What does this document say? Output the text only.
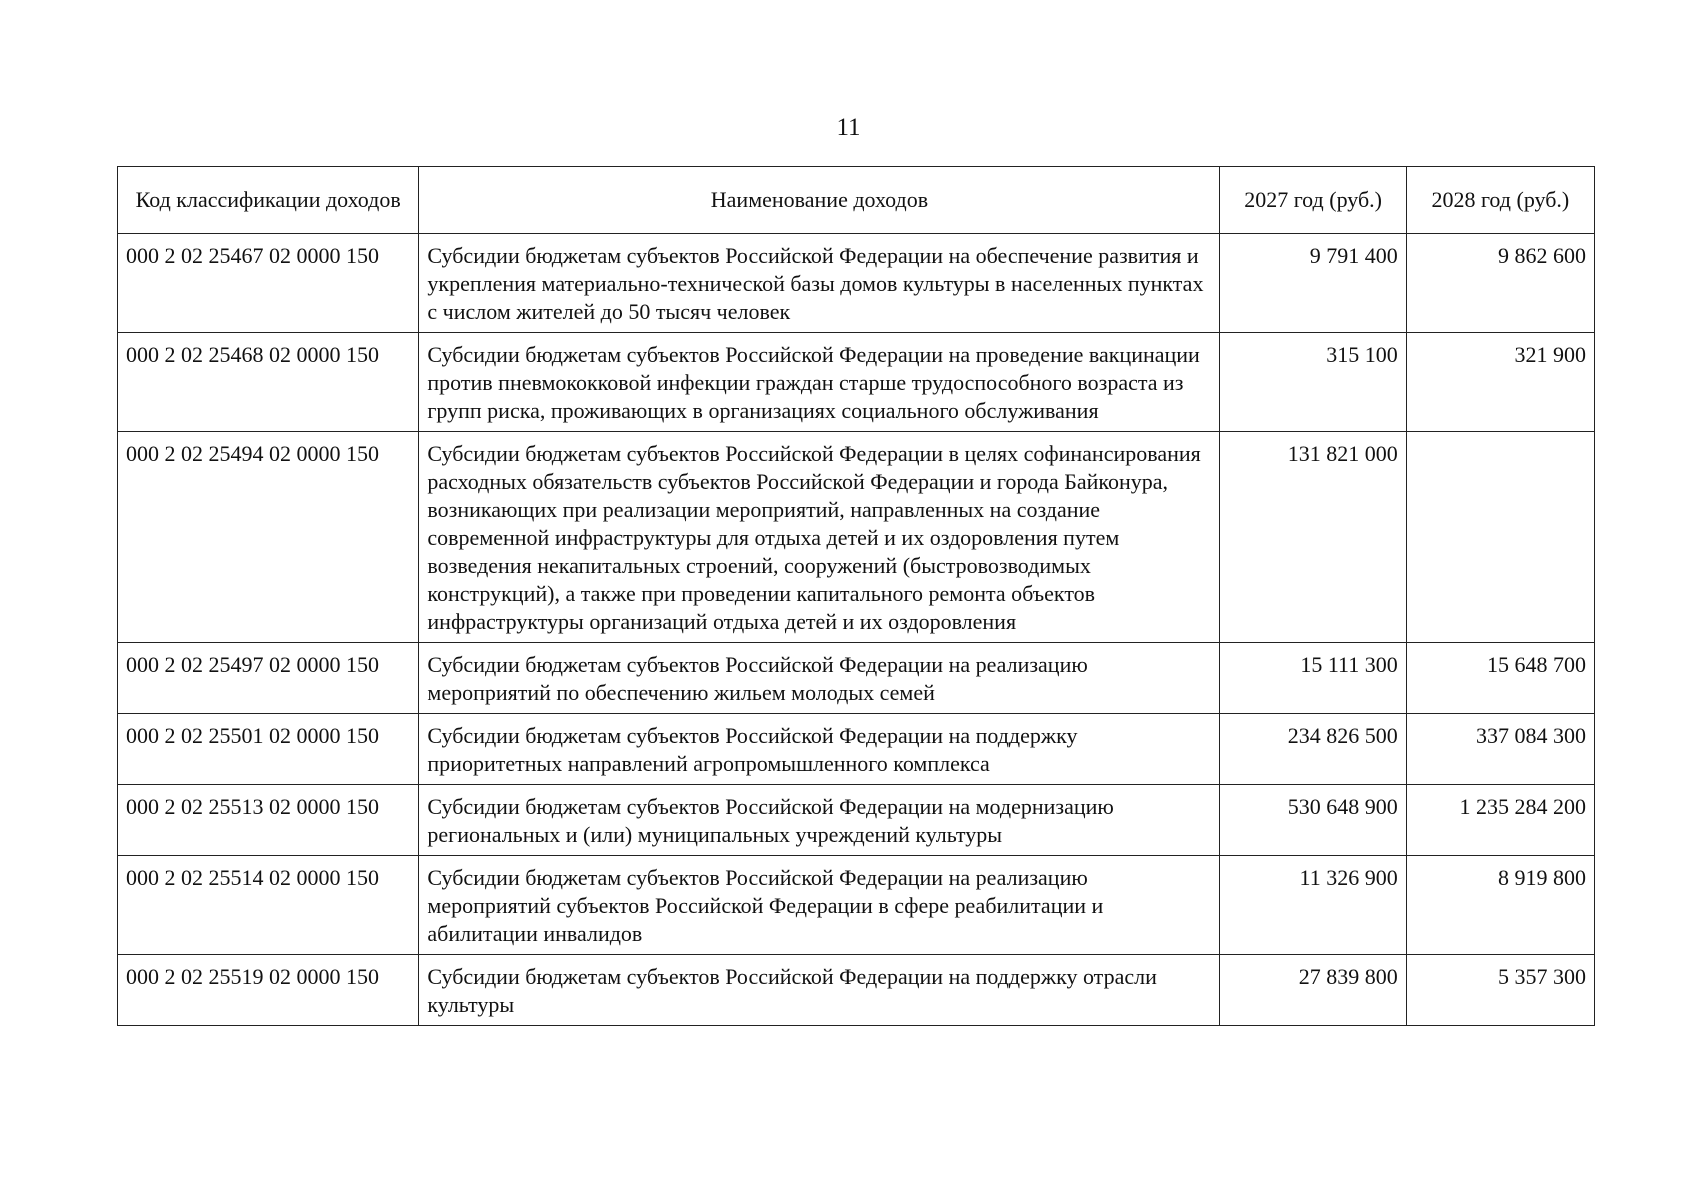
11
Код классификации доходов	Наименование доходов	2027 год (руб.)	2028 год (руб.)
000 2 02 25467 02 0000 150	Субсидии бюджетам субъектов Российской Федерации на обеспечение развития и укрепления материально-технической базы домов культуры в населенных пунктах с числом жителей до 50 тысяч человек	9 791 400	9 862 600
000 2 02 25468 02 0000 150	Субсидии бюджетам субъектов Российской Федерации на проведение вакцинации против пневмококковой инфекции граждан старше трудоспособного возраста из групп риска, проживающих в организациях социального обслуживания	315 100	321 900
000 2 02 25494 02 0000 150	Субсидии бюджетам субъектов Российской Федерации в целях софинансирования расходных обязательств субъектов Российской Федерации и города Байконура, возникающих при реализации мероприятий, направленных на создание современной инфраструктуры для отдыха детей и их оздоровления путем возведения некапитальных строений, сооружений (быстровозводимых конструкций), а также при проведении капитального ремонта объектов инфраструктуры организаций отдыха детей и их оздоровления	131 821 000	
000 2 02 25497 02 0000 150	Субсидии бюджетам субъектов Российской Федерации на реализацию мероприятий по обеспечению жильем молодых семей	15 111 300	15 648 700
000 2 02 25501 02 0000 150	Субсидии бюджетам субъектов Российской Федерации на поддержку приоритетных направлений агропромышленного комплекса	234 826 500	337 084 300
000 2 02 25513 02 0000 150	Субсидии бюджетам субъектов Российской Федерации на модернизацию региональных и (или) муниципальных учреждений культуры	530 648 900	1 235 284 200
000 2 02 25514 02 0000 150	Субсидии бюджетам субъектов Российской Федерации на реализацию мероприятий субъектов Российской Федерации в сфере реабилитации и абилитации инвалидов	11 326 900	8 919 800
000 2 02 25519 02 0000 150	Субсидии бюджетам субъектов Российской Федерации на поддержку отрасли культуры	27 839 800	5 357 300
